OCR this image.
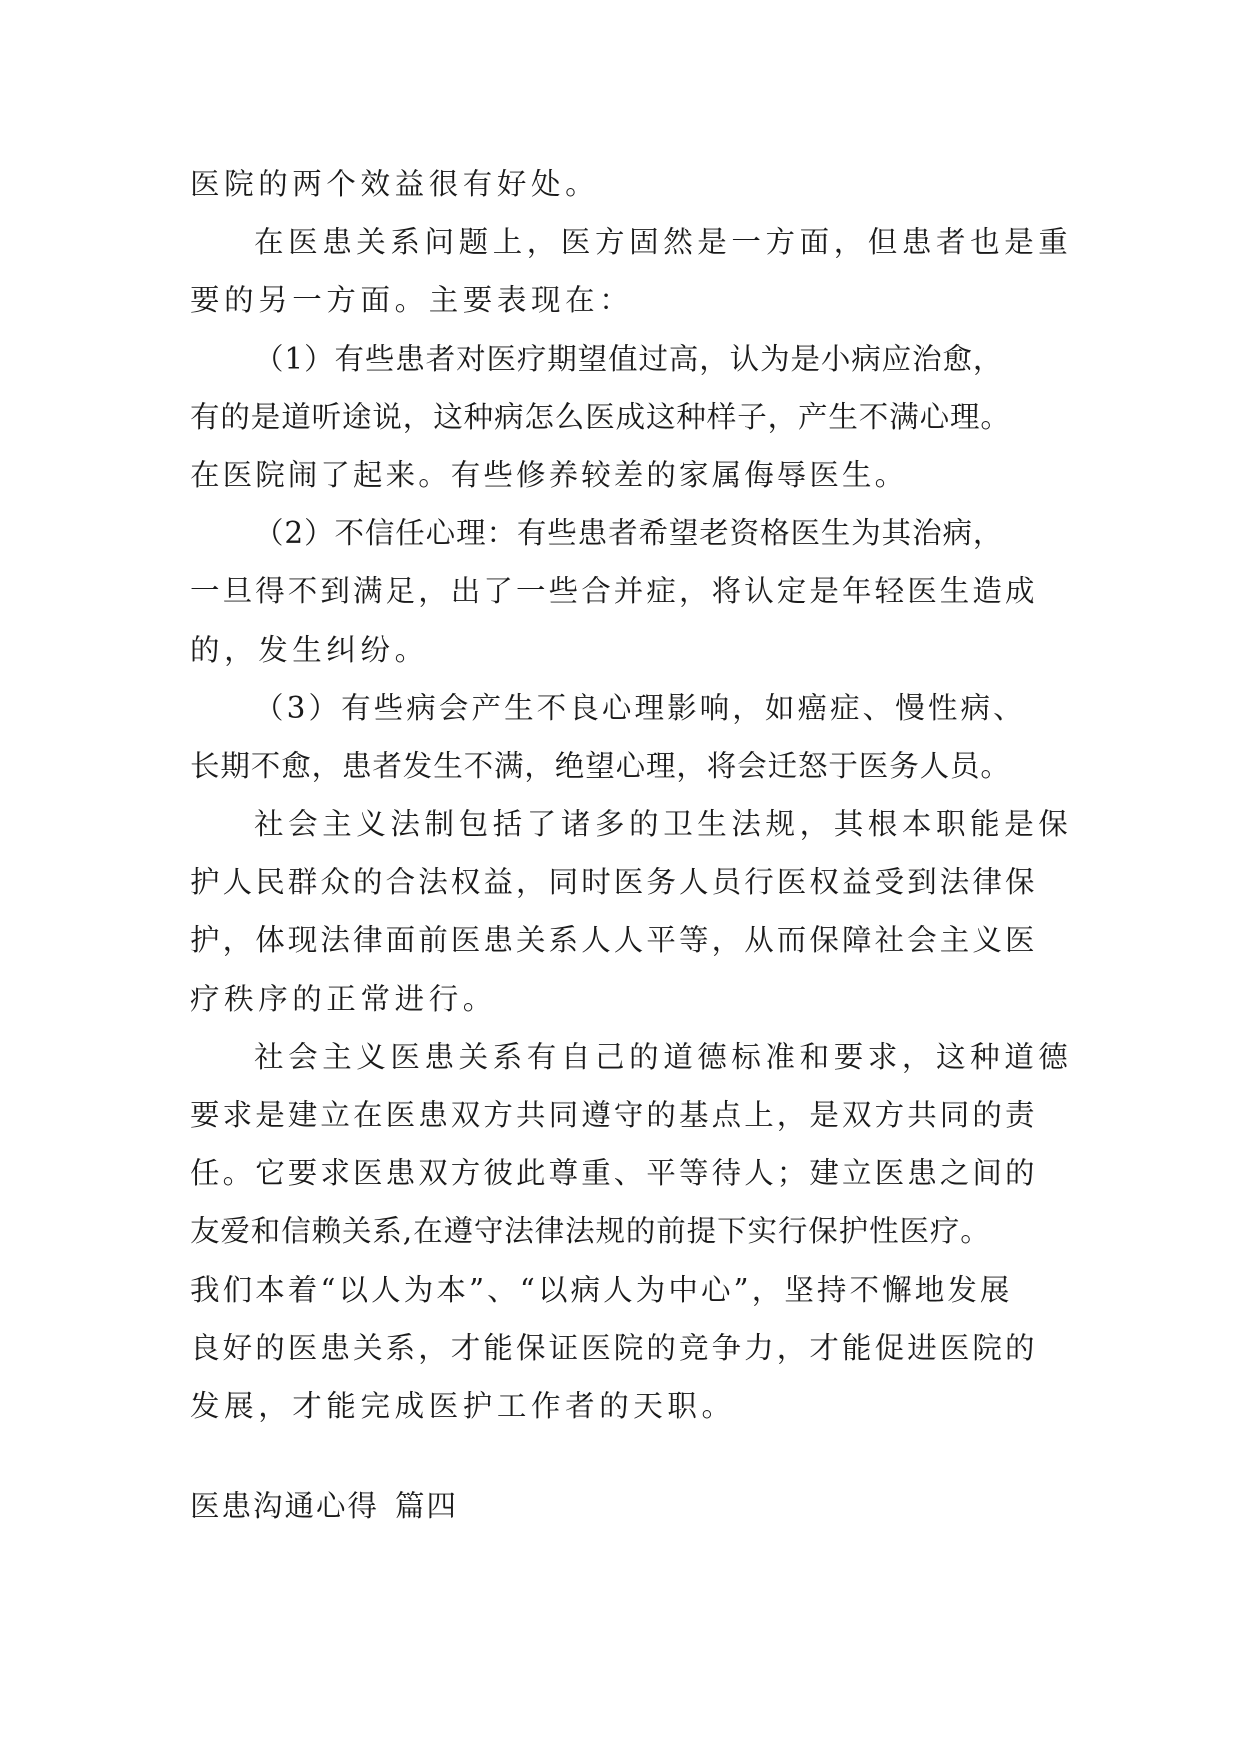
医院的两个效益很有好处。
在医患关系问题上，医方固然是一方面，但患者也是重
要的另一方面。主要表现在：
（1）有些患者对医疗期望值过高，认为是小病应治愈，
有的是道听途说，这种病怎么医成这种样子，产生不满心理。
在医院闹了起来。有些修养较差的家属侮辱医生。
（2）不信任心理：有些患者希望老资格医生为其治病，
一旦得不到满足，出了一些合并症，将认定是年轻医生造成
的，发生纠纷。
（3）有些病会产生不良心理影响，如癌症、慢性病、
长期不愈，患者发生不满，绝望心理，将会迁怒于医务人员。
社会主义法制包括了诸多的卫生法规，其根本职能是保
护人民群众的合法权益，同时医务人员行医权益受到法律保
护，体现法律面前医患关系人人平等，从而保障社会主义医
疗秩序的正常进行。
社会主义医患关系有自己的道德标准和要求，这种道德
要求是建立在医患双方共同遵守的基点上，是双方共同的责
任。它要求医患双方彼此尊重、平等待人；建立医患之间的
友爱和信赖关系,在遵守法律法规的前提下实行保护性医疗。
我们本着“以人为本”、“以病人为中心”，坚持不懈地发展
良好的医患关系，才能保证医院的竞争力，才能促进医院的
发展，才能完成医护工作者的天职。
医患沟通心得 篇四
